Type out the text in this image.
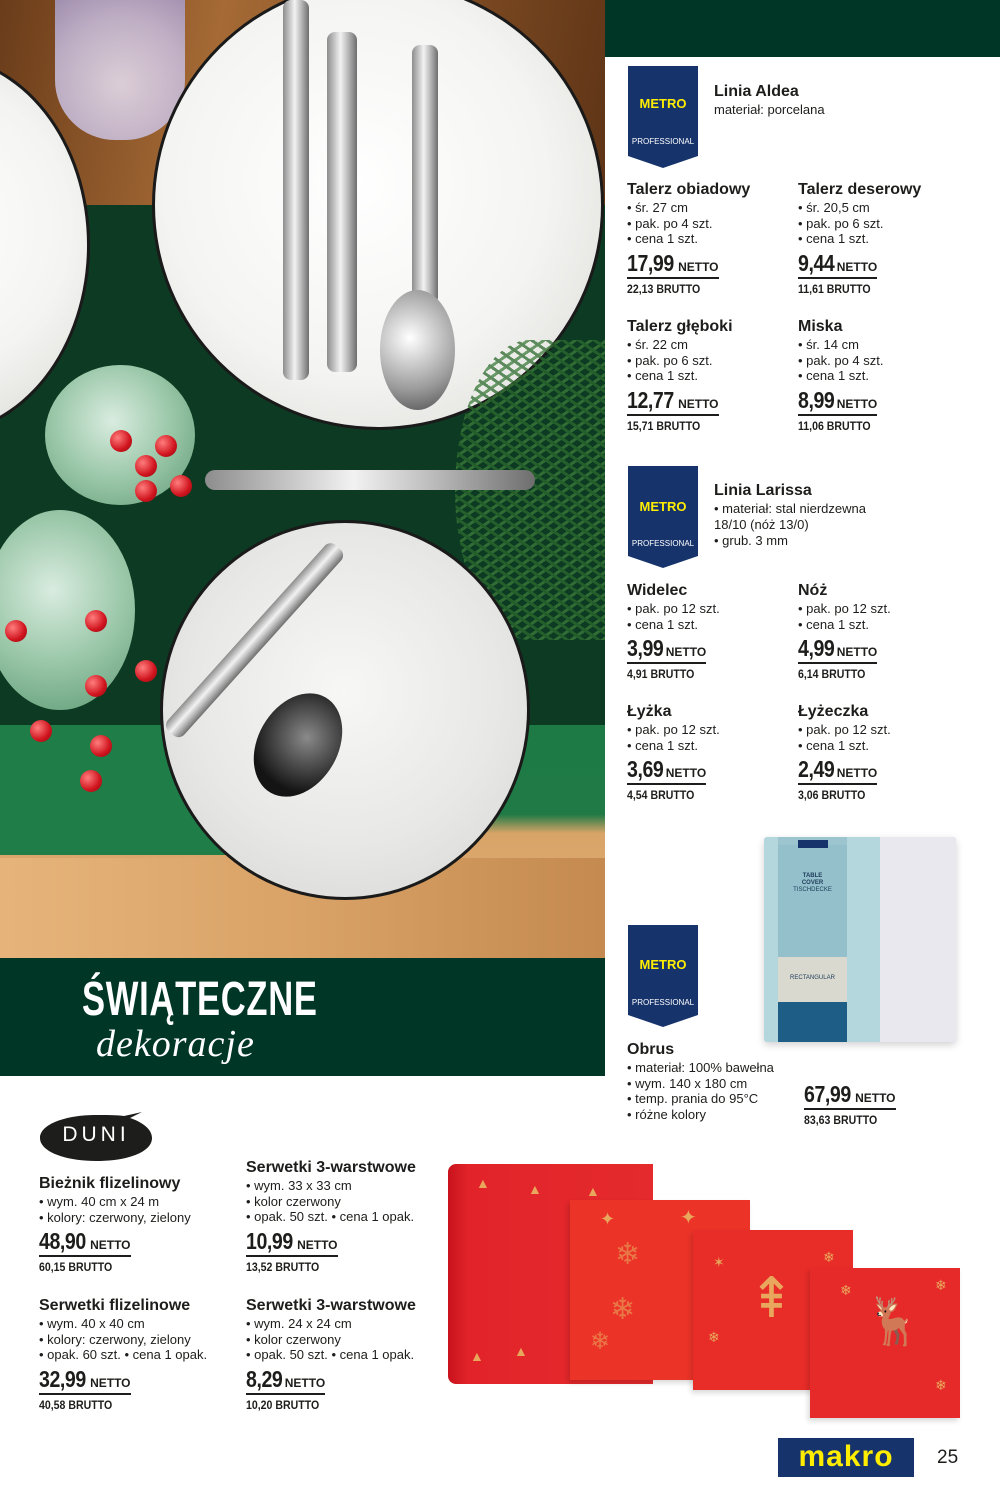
ŚWIĄTECZNE
dekoracje
METRO
PROFESSIONAL
METRO
PROFESSIONAL
METRO
PROFESSIONAL
Linia Aldea
materiał: porcelana
Talerz obiadowy
• śr. 27 cm
• pak. po 4 szt.
• cena 1 szt.
17,99 NETTO
22,13 BRUTTO
Talerz deserowy
• śr. 20,5 cm
• pak. po 6 szt.
• cena 1 szt.
9,44 NETTO
11,61 BRUTTO
Talerz głęboki
• śr. 22 cm
• pak. po 6 szt.
• cena 1 szt.
12,77 NETTO
15,71 BRUTTO
Miska
• śr. 14 cm
• pak. po 4 szt.
• cena 1 szt.
8,99 NETTO
11,06 BRUTTO
Linia Larissa
• materiał: stal nierdzewna
18/10 (nóż 13/0)
• grub. 3 mm
Widelec
• pak. po 12 szt.
• cena 1 szt.
3,99 NETTO
4,91 BRUTTO
Nóż
• pak. po 12 szt.
• cena 1 szt.
4,99 NETTO
6,14 BRUTTO
Łyżka
• pak. po 12 szt.
• cena 1 szt.
3,69 NETTO
4,54 BRUTTO
Łyżeczka
• pak. po 12 szt.
• cena 1 szt.
2,49 NETTO
3,06 BRUTTO
TABLE
COVER
TISCHDECKE
RECTANGULAR
Obrus
• materiał: 100% bawełna
• wym. 140 x 180 cm
• temp. prania do 95°C
• różne kolory
67,99 NETTO
83,63 BRUTTO
DUNI
Bieżnik flizelinowy
• wym. 40 cm x 24 m
• kolory: czerwony, zielony
48,90 NETTO
60,15 BRUTTO
Serwetki 3-warstwowe
• wym. 33 x 33 cm
• kolor czerwony
• opak. 50 szt. • cena 1 opak.
10,99 NETTO
13,52 BRUTTO
Serwetki flizelinowe
• wym. 40 x 40 cm
• kolory: czerwony, zielony
• opak. 60 szt. • cena 1 opak.
32,99 NETTO
40,58 BRUTTO
Serwetki 3-warstwowe
• wym. 24 x 24 cm
• kolor czerwony
• opak. 50 szt. • cena 1 opak.
8,29 NETTO
10,20 BRUTTO
▲	▲	▲
▲ ▲
✦	✦
❄
❄
❄
⇞
✶	❄
❄	🦌
❄	❄
❄
makro	25
